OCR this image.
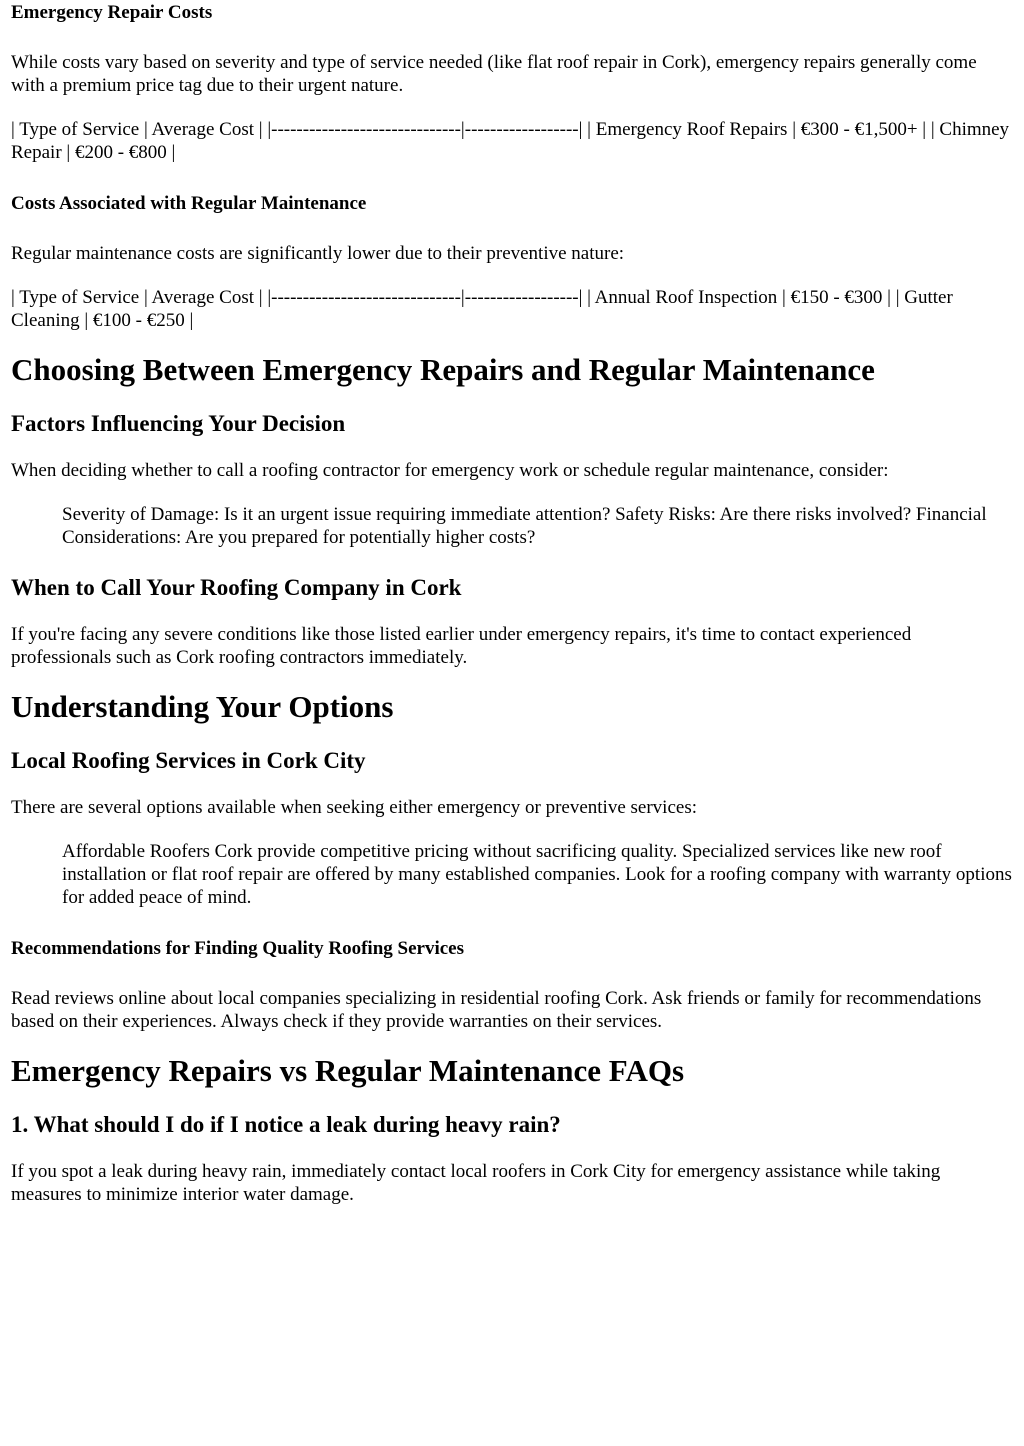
Emergency Repair Costs

While costs vary based on severity and type of service needed (like flat roof repair in Cork), emergency repairs generally come with a premium price tag due to their urgent nature.

| Type of Service | Average Cost | |------------------------------|------------------| | Emergency Roof Repairs | €300 - €1,500+ | | Chimney Repair | €200 - €800 |

Costs Associated with Regular Maintenance

Regular maintenance costs are significantly lower due to their preventive nature:

| Type of Service | Average Cost | |------------------------------|------------------| | Annual Roof Inspection | €150 - €300 | | Gutter Cleaning | €100 - €250 |

Choosing Between Emergency Repairs and Regular Maintenance
Factors Influencing Your Decision

When deciding whether to call a roofing contractor for emergency work or schedule regular maintenance, consider:

Severity of Damage: Is it an urgent issue requiring immediate attention? Safety Risks: Are there risks involved? Financial Considerations: Are you prepared for potentially higher costs?
When to Call Your Roofing Company in Cork

If you're facing any severe conditions like those listed earlier under emergency repairs, it's time to contact experienced professionals such as Cork roofing contractors immediately.

Understanding Your Options
Local Roofing Services in Cork City

There are several options available when seeking either emergency or preventive services:

Affordable Roofers Cork provide competitive pricing without sacrificing quality. Specialized services like new roof installation or flat roof repair are offered by many established companies. Look for a roofing company with warranty options for added peace of mind.
Recommendations for Finding Quality Roofing Services

Read reviews online about local companies specializing in residential roofing Cork. Ask friends or family for recommendations based on their experiences. Always check if they provide warranties on their services.

Emergency Repairs vs Regular Maintenance FAQs
1. What should I do if I notice a leak during heavy rain?

If you spot a leak during heavy rain, immediately contact local roofers in Cork City for emergency assistance while taking measures to minimize interior water damage.
